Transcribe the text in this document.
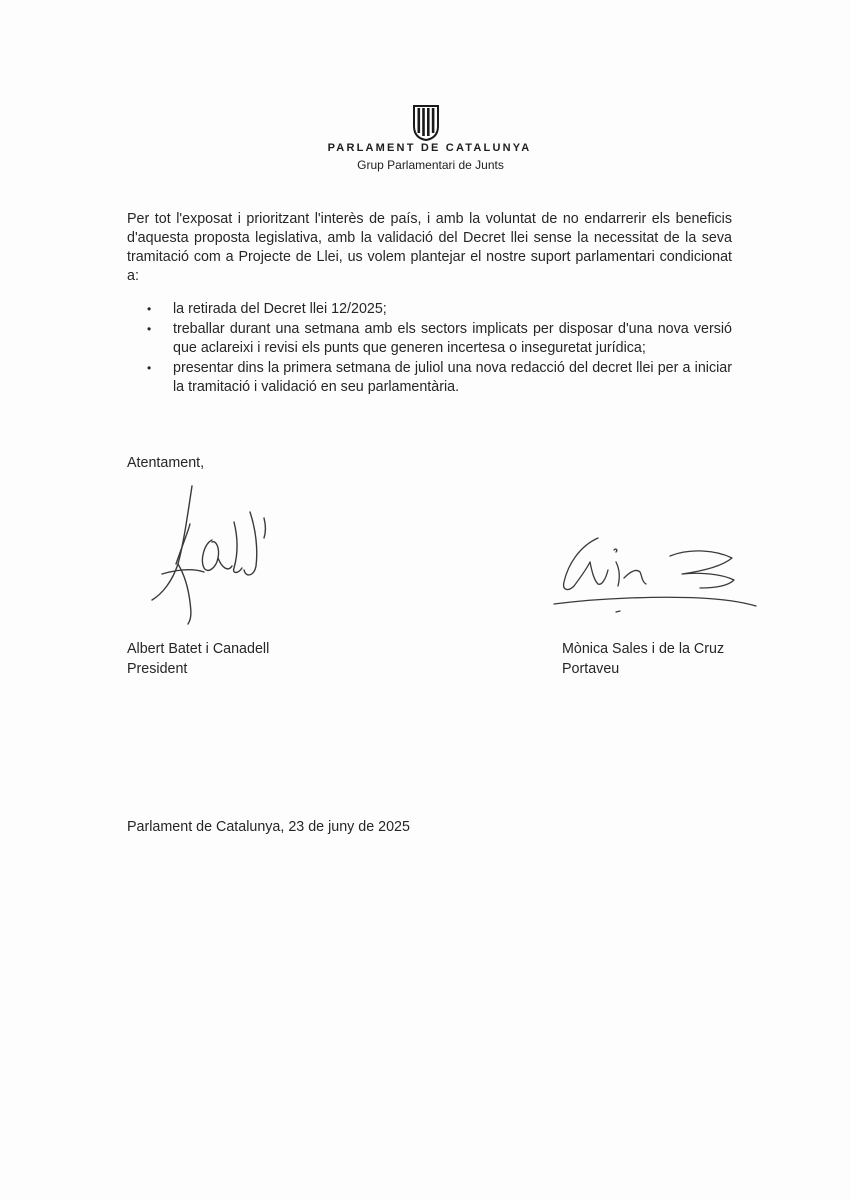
PARLAMENT DE CATALUNYA
Grup Parlamentari de Junts
Per tot l'exposat i prioritzant l'interès de país, i amb la voluntat de no endarrerir els beneficis d'aquesta proposta legislativa, amb la validació del Decret llei sense la necessitat de la seva tramitació com a Projecte de Llei, us volem plantejar el nostre suport parlamentari condicionat a:
• la retirada del Decret llei 12/2025;
• treballar durant una setmana amb els sectors implicats per disposar d'una nova versió que aclareixi i revisi els punts que generen incertesa o inseguretat jurídica;
• presentar dins la primera setmana de juliol una nova redacció del decret llei per a iniciar la tramitació i validació en seu parlamentària.
Atentament,
Albert Batet i Canadell
President
Mònica Sales i de la Cruz
Portaveu
Parlament de Catalunya, 23 de juny de 2025
